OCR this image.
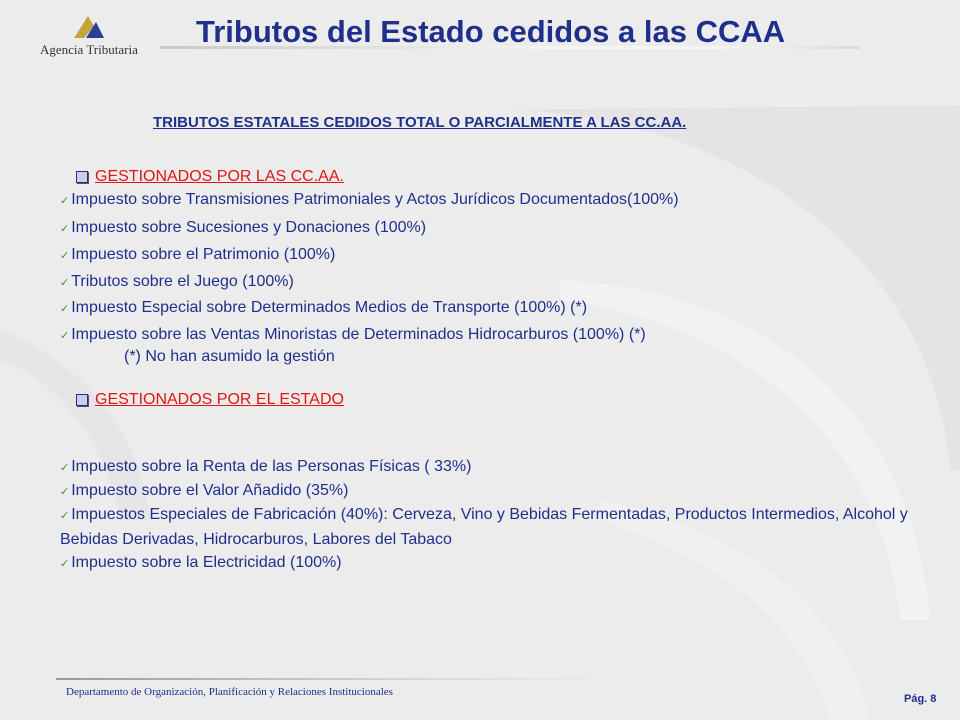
Agencia Tributaria
Tributos del Estado cedidos a las CCAA
TRIBUTOS ESTATALES CEDIDOS TOTAL O PARCIALMENTE A LAS CC.AA.
GESTIONADOS POR LAS CC.AA.
✓ Impuesto sobre Transmisiones Patrimoniales y Actos Jurídicos Documentados(100%)
✓ Impuesto sobre Sucesiones y Donaciones (100%)
✓ Impuesto sobre el Patrimonio (100%)
✓ Tributos sobre el Juego (100%)
✓ Impuesto Especial sobre Determinados Medios de Transporte (100%) (*)
✓ Impuesto sobre las Ventas Minoristas de Determinados Hidrocarburos (100%) (*)
(*) No han asumido la gestión
GESTIONADOS POR EL ESTADO
✓ Impuesto sobre la Renta de las Personas Físicas ( 33%)
✓ Impuesto sobre el Valor Añadido (35%)
✓ Impuestos Especiales de Fabricación (40%): Cerveza, Vino y Bebidas Fermentadas, Productos Intermedios, Alcohol y Bebidas Derivadas, Hidrocarburos, Labores del Tabaco
✓ Impuesto sobre la Electricidad (100%)
Departamento de Organización, Planificación y Relaciones Institucionales
Pág. 8
